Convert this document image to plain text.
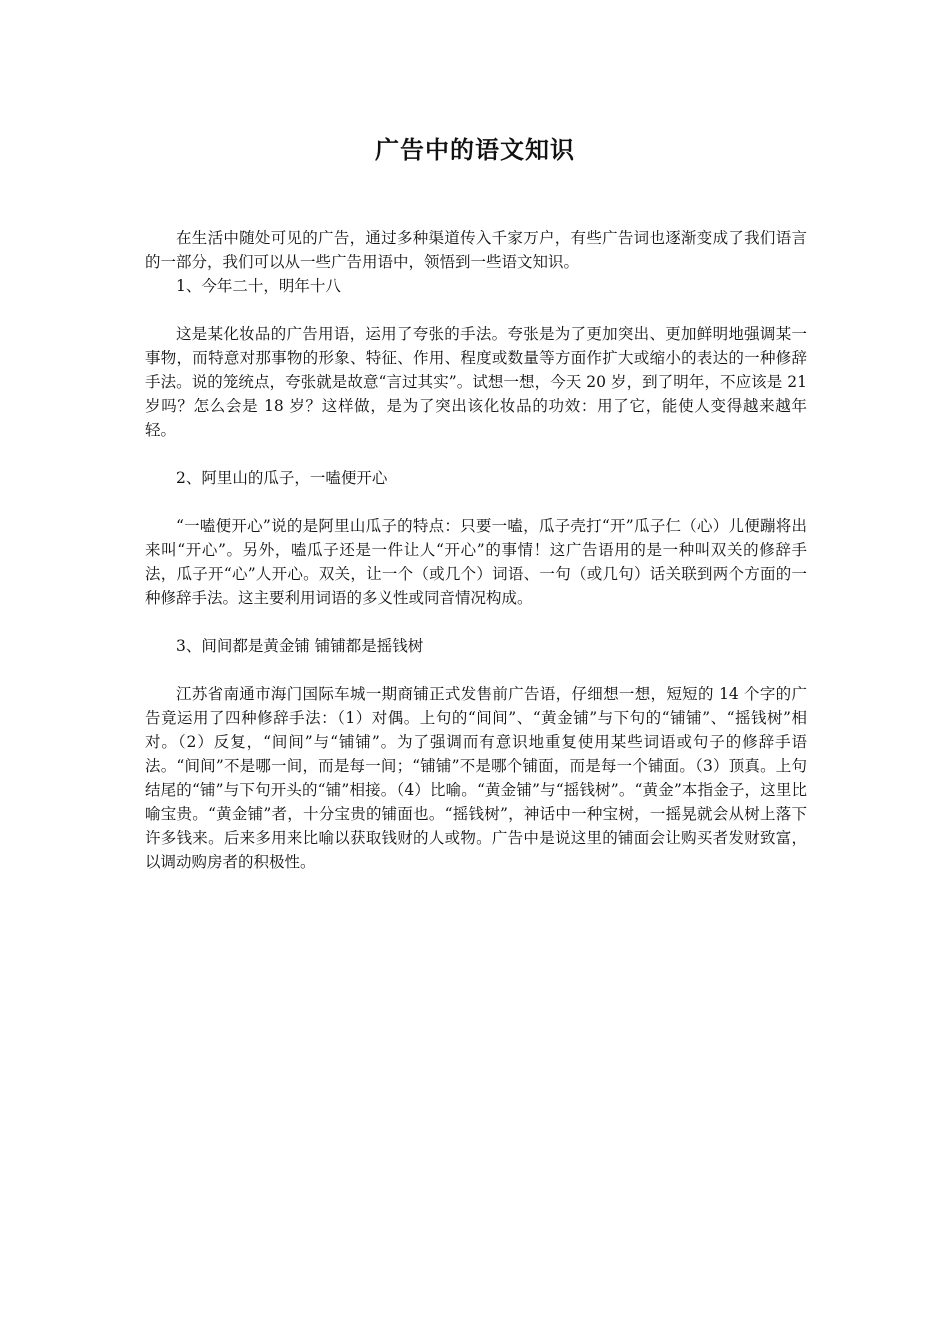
广告中的语文知识

在生活中随处可见的广告，通过多种渠道传入千家万户，有些广告词也逐渐变成了我们语言的一部分，我们可以从一些广告用语中，领悟到一些语文知识。

1、今年二十，明年十八

这是某化妆品的广告用语，运用了夸张的手法。夸张是为了更加突出、更加鲜明地强调某一事物，而特意对那事物的形象、特征、作用、程度或数量等方面作扩大或缩小的表达的一种修辞手法。说的笼统点，夸张就是故意“言过其实”。试想一想，今天 20 岁，到了明年，不应该是 21 岁吗？怎么会是 18 岁？这样做，是为了突出该化妆品的功效：用了它，能使人变得越来越年轻。

2、阿里山的瓜子，一嗑便开心

“一嗑便开心”说的是阿里山瓜子的特点：只要一嗑，瓜子壳打“开”瓜子仁（心）儿便蹦将出来叫“开心”。另外，嗑瓜子还是一件让人“开心”的事情！这广告语用的是一种叫双关的修辞手法，瓜子开“心”人开心。双关，让一个（或几个）词语、一句（或几句）话关联到两个方面的一种修辞手法。这主要利用词语的多义性或同音情况构成。

3、间间都是黄金铺 铺铺都是摇钱树

江苏省南通市海门国际车城一期商铺正式发售前广告语，仔细想一想，短短的 14 个字的广告竟运用了四种修辞手法：（1）对偶。上句的“间间”、“黄金铺”与下句的“铺铺”、“摇钱树”相对。（2）反复，“间间”与“铺铺”。为了强调而有意识地重复使用某些词语或句子的修辞手语法。“间间”不是哪一间，而是每一间；“铺铺”不是哪个铺面，而是每一个铺面。（3）顶真。上句结尾的“铺”与下句开头的“铺”相接。（4）比喻。“黄金铺”与“摇钱树”。“黄金”本指金子，这里比喻宝贵。“黄金铺”者，十分宝贵的铺面也。“摇钱树”，神话中一种宝树，一摇晃就会从树上落下许多钱来。后来多用来比喻以获取钱财的人或物。广告中是说这里的铺面会让购买者发财致富，以调动购房者的积极性。
